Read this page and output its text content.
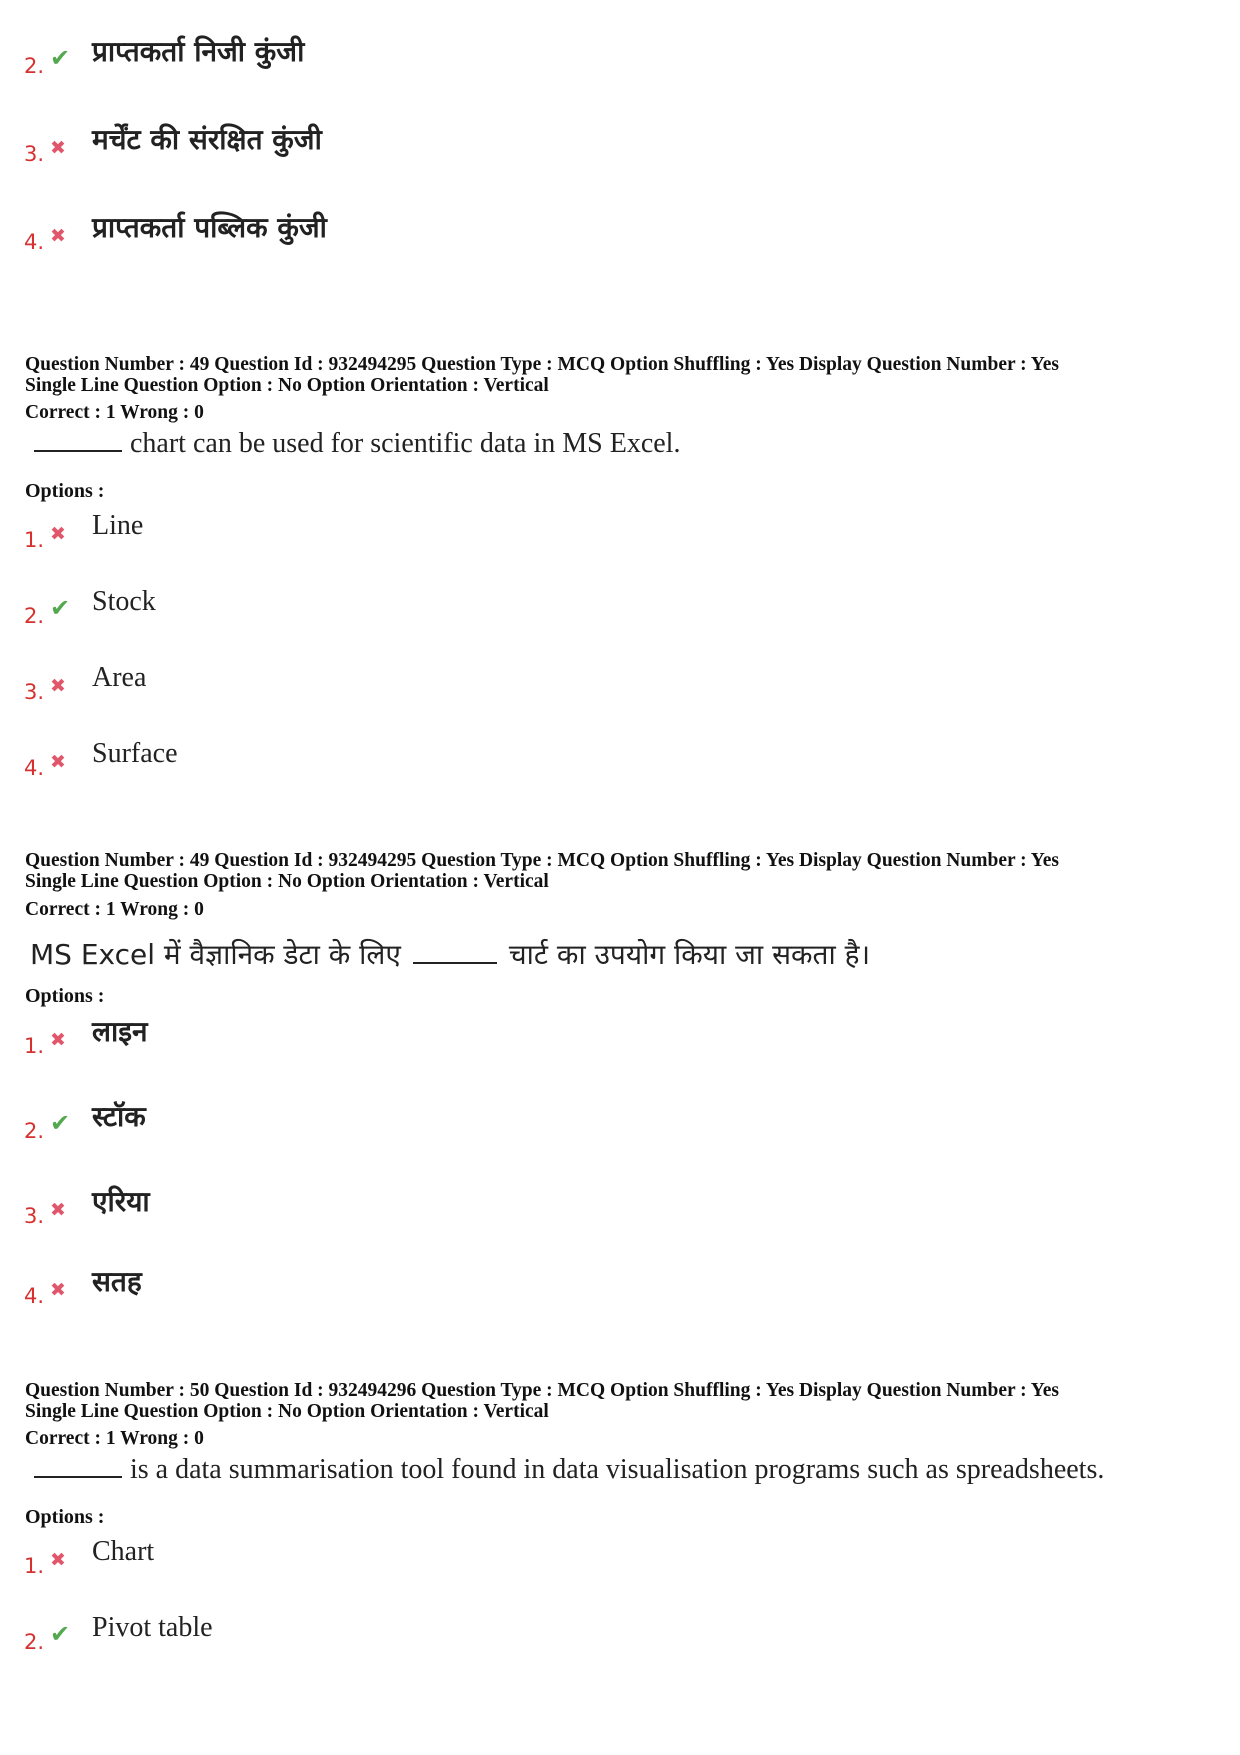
2. ✔ प्राप्तकर्ता निजी कुंजी
3. ✖ मर्चेंट की संरक्षित कुंजी
4. ✖ प्राप्तकर्ता पब्लिक कुंजी
Question Number : 49 Question Id : 932494295 Question Type : MCQ Option Shuffling : Yes Display Question Number : Yes
Single Line Question Option : No Option Orientation : Vertical
Correct : 1 Wrong : 0
chart can be used for scientific data in MS Excel.
Options :
1. ✖ Line
2. ✔ Stock
3. ✖ Area
4. ✖ Surface
Question Number : 49 Question Id : 932494295 Question Type : MCQ Option Shuffling : Yes Display Question Number : Yes
Single Line Question Option : No Option Orientation : Vertical
Correct : 1 Wrong : 0
MS Excel में वैज्ञानिक डेटा के लिए	चार्ट का उपयोग किया जा सकता है।
Options :
1. ✖ लाइन
2. ✔ स्टॉक
3. ✖ एरिया
4. ✖ सतह
Question Number : 50 Question Id : 932494296 Question Type : MCQ Option Shuffling : Yes Display Question Number : Yes
Single Line Question Option : No Option Orientation : Vertical
Correct : 1 Wrong : 0
is a data summarisation tool found in data visualisation programs such as spreadsheets.
Options :
1. ✖ Chart
2. ✔ Pivot table
